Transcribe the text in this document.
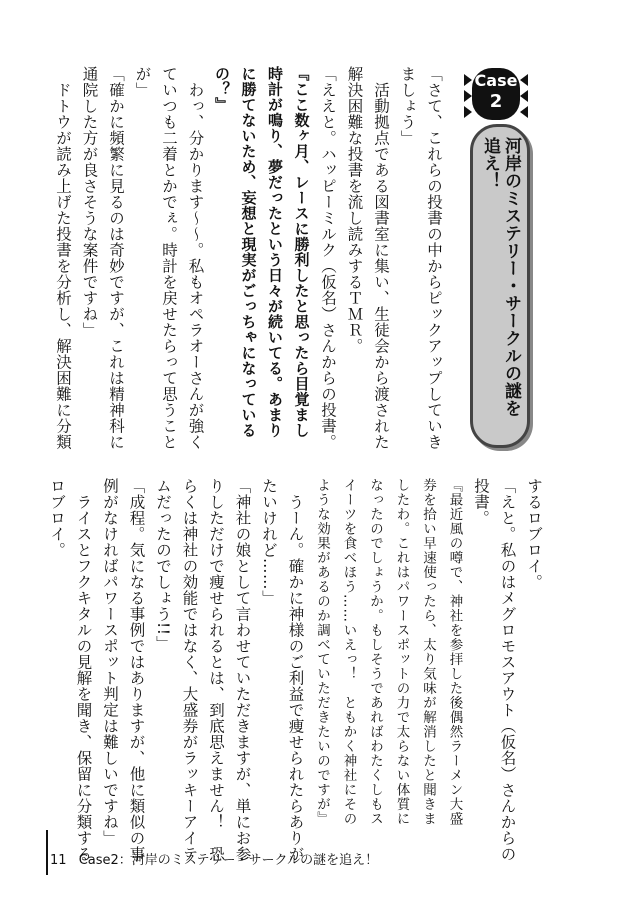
Case
2
河岸のミステリー・サークルの謎を
追え！
「さて、これらの投書の中からピックアップしていき
ましょう」
　活動拠点である図書室に集い、生徒会から渡された
解決困難な投書を流し読みするＴＭＲ。
「ええと。ハッピーミルク（仮名）さんからの投書。
『ここ数ヶ月、レースに勝利したと思ったら目覚まし
時計が鳴り、夢だったという日々が続いてる。あまり
に勝てないため、妄想と現実がごっちゃになっている
の？』
　わっ、分かります〜〜。私もオペラオーさんが強く
ていつも二着とかでぇ。時計を戻せたらって思うこと
が」
「確かに頻繁に見るのは奇妙ですが、これは精神科に
通院した方が良さそうな案件ですね」
　ドトウが読み上げた投書を分析し、解決困難に分類
するロブロイ。
「えと。私のはメグロモスアウト（仮名）さんからの
投書。
『最近風の噂で、神社を参拝した後偶然ラーメン大盛
券を拾い早速使ったら、太り気味が解消したと聞きま
したわ。これはパワースポットの力で太らない体質に
なったのでしょうか。もしそうであればわたくしもス
イーツを食べほう……いえっ！　ともかく神社にその
ような効果があるのか調べていただきたいのですが』
　うーん。確かに神様のご利益で痩せられたらありが
たいけれど……」
「神社の娘として言わせていただきますが、単にお参
りしただけで痩せられるとは、到底思えません！　恐
らくは神社の効能ではなく、大盛券がラッキーアイテ
ムだったのでしょう!!」
「成程。気になる事例ではありますが、他に類似の事
例がなければパワースポット判定は難しいですね」
　ライスとフクキタルの見解を聞き、保留に分類する
ロブロイ。
11 Case2：河岸のミステリー・サークルの謎を追え！
